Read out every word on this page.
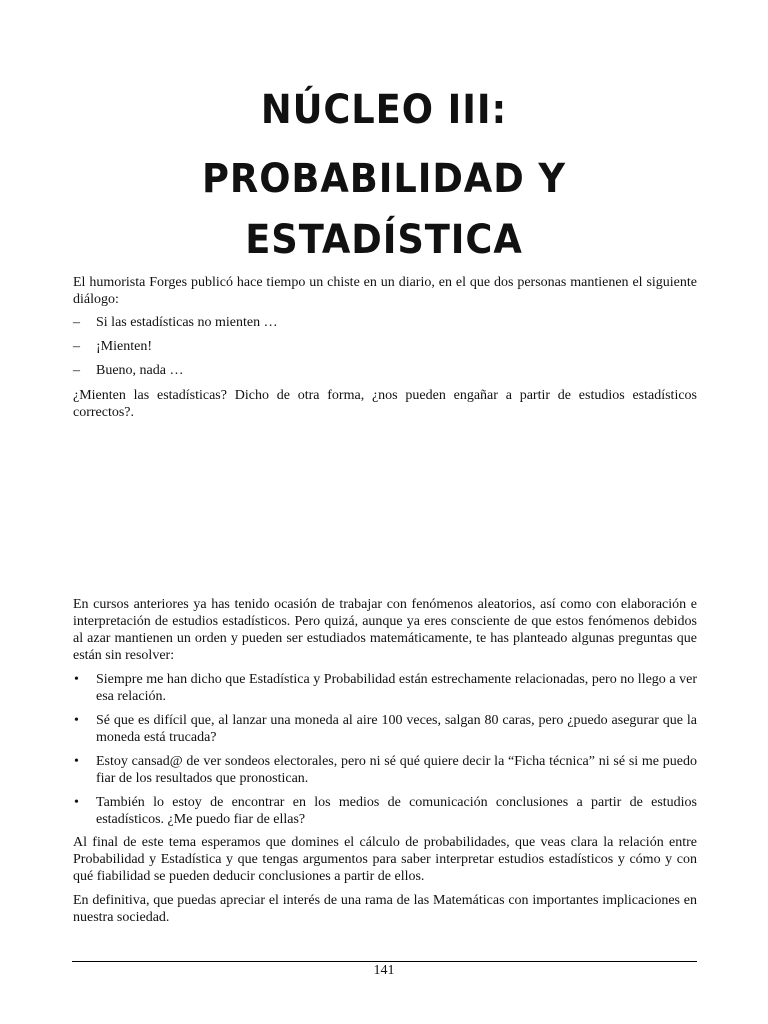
NÚCLEO III:
PROBABILIDAD Y
ESTADÍSTICA

El humorista Forges publicó hace tiempo un chiste en un diario, en el que dos personas mantienen el siguiente diálogo:

– Si las estadísticas no mienten …
– ¡Mienten!
– Bueno, nada …

¿Mienten las estadísticas? Dicho de otra forma, ¿nos pueden engañar a partir de estudios estadísticos correctos?.

En cursos anteriores ya has tenido ocasión de trabajar con fenómenos aleatorios, así como con elaboración e interpretación de estudios estadísticos. Pero quizá, aunque ya eres consciente de que estos fenómenos debidos al azar mantienen un orden y pueden ser estudiados matemáticamente, te has planteado algunas preguntas que están sin resolver:

• Siempre me han dicho que Estadística y Probabilidad están estrechamente relacionadas, pero no llego a ver esa relación.
• Sé que es difícil que, al lanzar una moneda al aire 100 veces, salgan 80 caras, pero ¿puedo asegurar que la moneda está trucada?
• Estoy cansad@ de ver sondeos electorales, pero ni sé qué quiere decir la “Ficha técnica” ni sé si me puedo fiar de los resultados que pronostican.
• También lo estoy de encontrar en los medios de comunicación conclusiones a partir de estudios estadísticos. ¿Me puedo fiar de ellas?

Al final de este tema esperamos que domines el cálculo de probabilidades, que veas clara la relación entre Probabilidad y Estadística y que tengas argumentos para saber interpretar estudios estadísticos y cómo y con qué fiabilidad se pueden deducir conclusiones a partir de ellos.

En definitiva, que puedas apreciar el interés de una rama de las Matemáticas con importantes implicaciones en nuestra sociedad.

141
